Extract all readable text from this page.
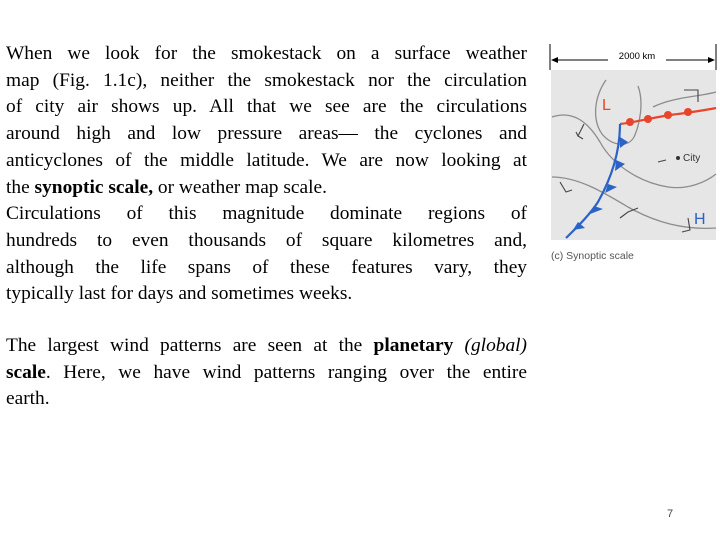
When we look for the smokestack on a surface weather
map (Fig. 1.1c), neither the smokestack nor the circulation
of city air shows up. All that we see are the circulations
around high and low pressure areas— the cyclones and
anticyclones of the middle latitude. We are now looking at
the synoptic scale, or weather map scale.
Circulations of this magnitude dominate regions of
hundreds to even thousands of square kilometres and,
although the life spans of these features vary, they
typically last for days and sometimes weeks.

The largest wind patterns are seen at the planetary (global)
scale. Here, we have wind patterns ranging over the entire
earth.

2000 km
City
L
H
(c) Synoptic scale
7
